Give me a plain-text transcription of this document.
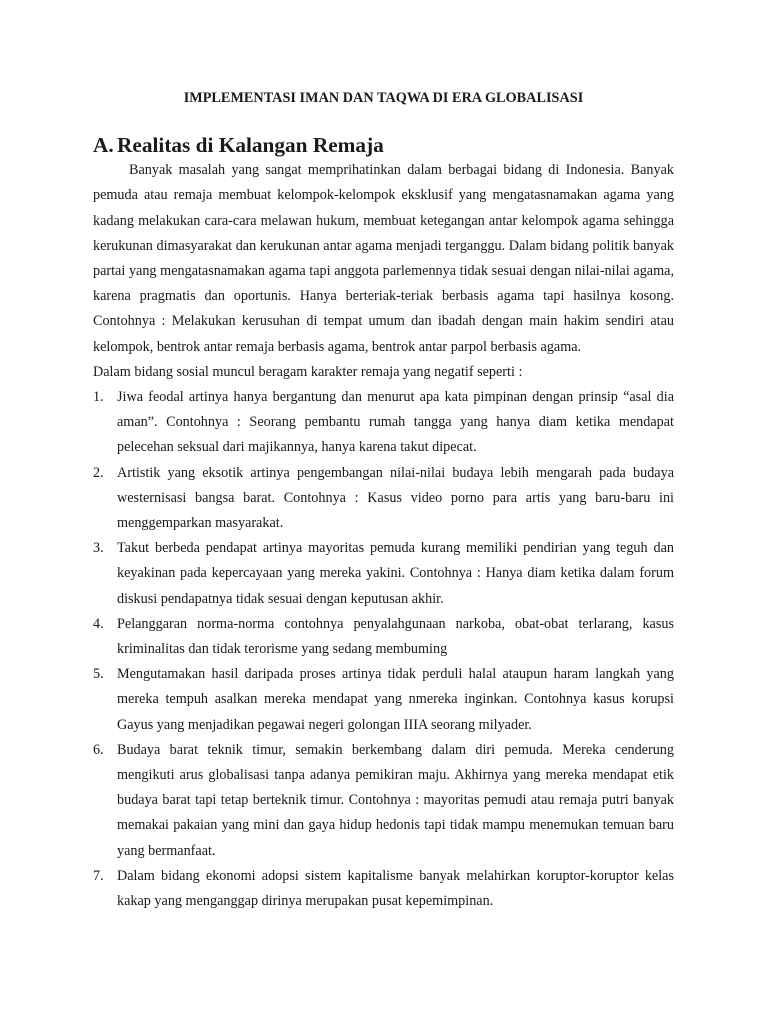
IMPLEMENTASI IMAN DAN TAQWA DI ERA GLOBALISASI
A. Realitas di Kalangan Remaja

Banyak masalah yang sangat memprihatinkan dalam berbagai bidang di Indonesia. Banyak pemuda atau remaja membuat kelompok-kelompok eksklusif yang mengatasnamakan agama yang kadang melakukan cara-cara melawan hukum, membuat ketegangan antar kelompok agama sehingga kerukunan dimasyarakat dan kerukunan antar agama menjadi terganggu. Dalam bidang politik banyak partai yang mengatasnamakan agama tapi anggota parlemennya tidak sesuai dengan nilai-nilai agama, karena pragmatis dan oportunis. Hanya berteriak-teriak berbasis agama tapi hasilnya kosong. Contohnya : Melakukan kerusuhan di tempat umum dan ibadah dengan main hakim sendiri atau kelompok, bentrok antar remaja berbasis agama, bentrok antar parpol berbasis agama.

Dalam bidang sosial muncul beragam karakter remaja yang negatif seperti :

1. Jiwa feodal artinya hanya bergantung dan menurut apa kata pimpinan dengan prinsip “asal dia aman”. Contohnya : Seorang pembantu rumah tangga yang hanya diam ketika mendapat pelecehan seksual dari majikannya, hanya karena takut dipecat.
2. Artistik yang eksotik artinya pengembangan nilai-nilai budaya lebih mengarah pada budaya westernisasi bangsa barat. Contohnya : Kasus video porno para artis yang baru-baru ini menggemparkan masyarakat.
3. Takut berbeda pendapat artinya mayoritas pemuda kurang memiliki pendirian yang teguh dan keyakinan pada kepercayaan yang mereka yakini. Contohnya : Hanya diam ketika dalam forum diskusi pendapatnya tidak sesuai dengan keputusan akhir.
4. Pelanggaran norma-norma contohnya penyalahgunaan narkoba, obat-obat terlarang, kasus kriminalitas dan tidak terorisme yang sedang membuming
5. Mengutamakan hasil daripada proses artinya tidak perduli halal ataupun haram langkah yang mereka tempuh asalkan mereka mendapat yang nmereka inginkan. Contohnya kasus korupsi Gayus yang menjadikan pegawai negeri golongan IIIA seorang milyader.
6. Budaya barat teknik timur, semakin berkembang dalam diri pemuda. Mereka cenderung mengikuti arus globalisasi tanpa adanya pemikiran maju. Akhirnya yang mereka mendapat etik budaya barat tapi tetap berteknik timur. Contohnya : mayoritas pemudi atau remaja putri banyak memakai pakaian yang mini dan gaya hidup hedonis tapi tidak mampu menemukan temuan baru yang bermanfaat.
7. Dalam bidang ekonomi adopsi sistem kapitalisme banyak melahirkan koruptor-koruptor kelas kakap yang menganggap dirinya merupakan pusat kepemimpinan.
